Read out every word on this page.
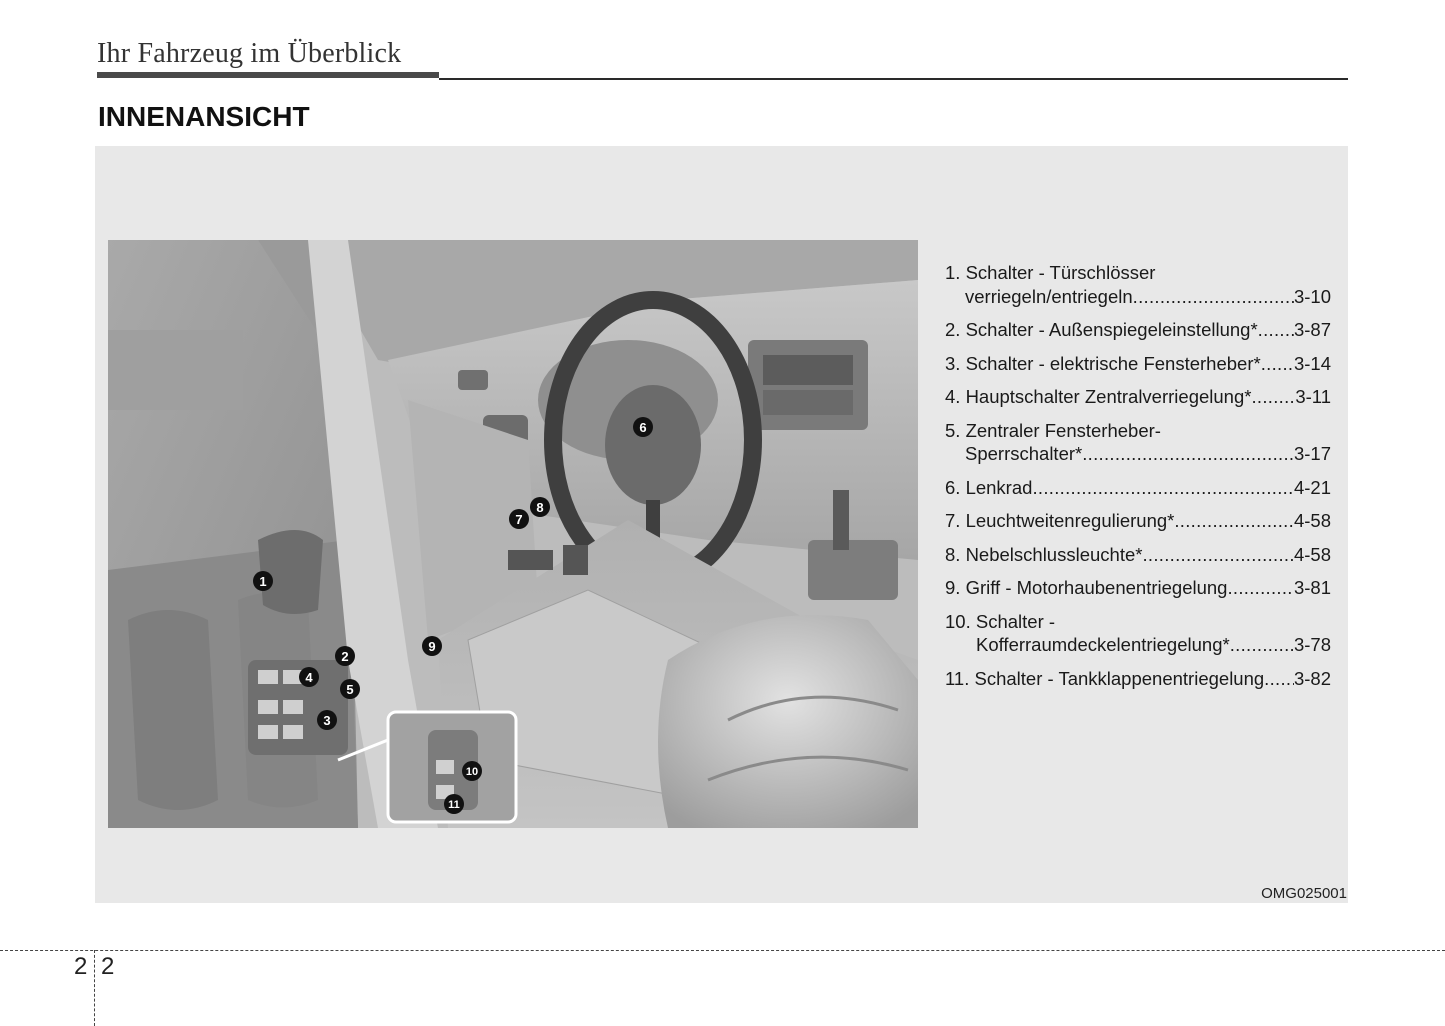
Ihr Fahrzeug im Überblick
INNENANSICHT
1
2
3
4
5
6
7
8
9
10
11
1. Schalter - Türschlösser
verriegeln/entriegeln .....	3-10
2. Schalter - Außenspiegeleinstellung* ..... 3-87
3. Schalter - elektrische Fensterheber* ..... 3-14
4. Hauptschalter Zentralverriegelung* ..... 3-11
5. Zentraler Fensterheber-
Sperrschalter* .....	3-17
6. Lenkrad .....	4-21
7. Leuchtweitenregulierung* .....	4-58
8. Nebelschlussleuchte* .....	4-58
9. Griff - Motorhaubenentriegelung .....	3-81
10. Schalter -
Kofferraumdeckelentriegelung* .....	3-78
11. Schalter - Tankklappenentriegelung ..... 3-82
OMG025001
2 2
